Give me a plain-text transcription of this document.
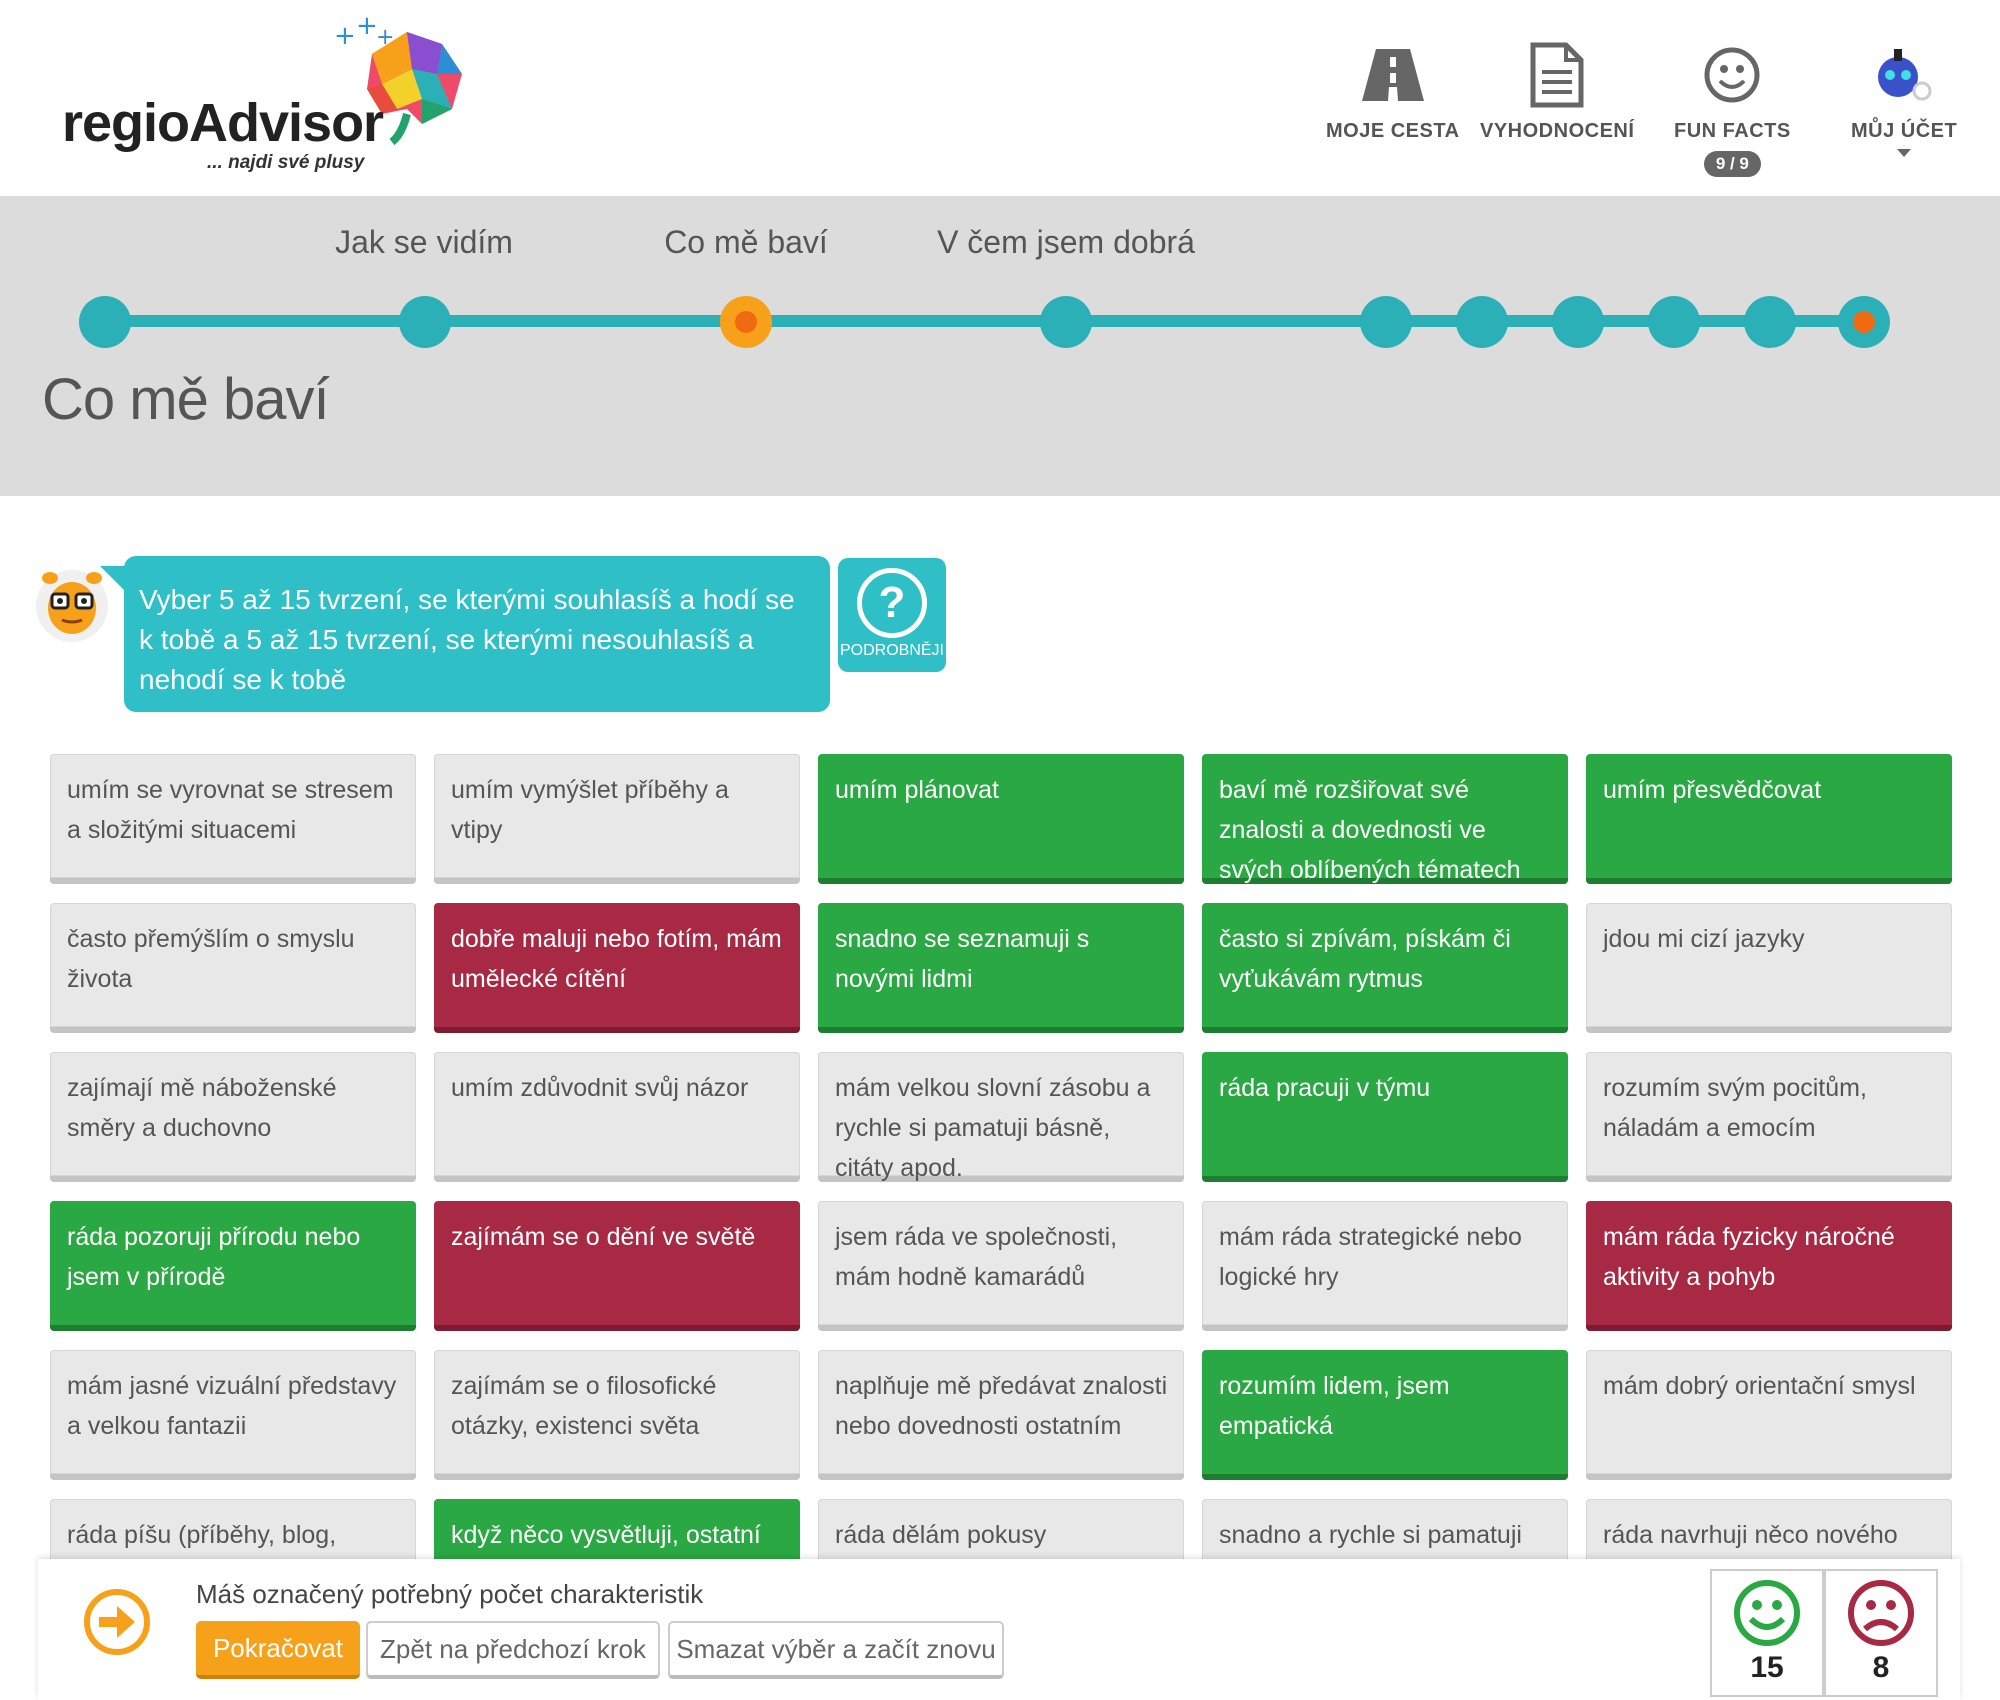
+ +
+
regioAdvisor
... najdi své plusy
MOJE CESTA VYHODNOCENÍ FUN FACTS
9 / 9
MŮJ ÚČET
Jak se vidím	Co mě baví	V čem jsem dobrá
Co mě baví
Vyber 5 až 15 tvrzení, se kterými souhlasíš a hodí se k tobě a 5 až 15 tvrzení, se kterými nesouhlasíš a nehodí se k tobě
?
PODROBNĚJI
umím se vyrovnat se stresem a složitými situacemi
umím vymýšlet příběhy a vtipy
umím plánovat	baví mě rozšiřovat své znalosti a dovednosti ve svých oblíbených tématech
umím přesvědčovat
často přemýšlím o smyslu života
dobře maluji nebo fotím, mám umělecké cítění
snadno se seznamuji s novými lidmi
často si zpívám, pískám či vyťukávám rytmus
jdou mi cizí jazyky
zajímají mě náboženské směry a duchovno
umím zdůvodnit svůj názor	mám velkou slovní zásobu a rychle si pamatuji básně, citáty apod.
ráda pracuji v týmu	rozumím svým pocitům, náladám a emocím
ráda pozoruji přírodu nebo jsem v přírodě
zajímám se o dění ve světě	jsem ráda ve společnosti, mám hodně kamarádů
mám ráda strategické nebo logické hry
mám ráda fyzicky náročné aktivity a pohyb
mám jasné vizuální představy a velkou fantazii
zajímám se o filosofické otázky, existenci světa
naplňuje mě předávat znalosti nebo dovednosti ostatním
rozumím lidem, jsem empatická
mám dobrý orientační smysl
ráda píšu (příběhy, blog,	když něco vysvětluji, ostatní	ráda dělám pokusy	snadno a rychle si pamatuji	ráda navrhuji něco nového
Máš označený potřebný počet charakteristik
Pokračovat	Zpět na předchozí krok	Smazat výběr a začít znovu
15	8
